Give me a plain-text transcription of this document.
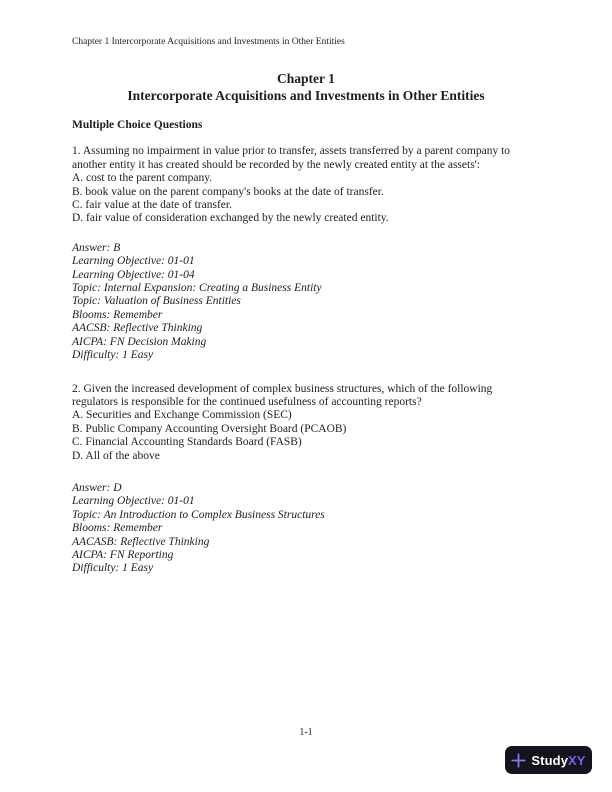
Chapter 1 Intercorporate Acquisitions and Investments in Other Entities
Chapter 1
Intercorporate Acquisitions and Investments in Other Entities
Multiple Choice Questions

1. Assuming no impairment in value prior to transfer, assets transferred by a parent company to

another entity it has created should be recorded by the newly created entity at the assets':

A. cost to the parent company.

B. book value on the parent company's books at the date of transfer.

C. fair value at the date of transfer.

D. fair value of consideration exchanged by the newly created entity.

Answer: B

Learning Objective: 01-01

Learning Objective: 01-04

Topic: Internal Expansion: Creating a Business Entity

Topic: Valuation of Business Entities

Blooms: Remember

AACSB: Reflective Thinking

AICPA: FN Decision Making

Difficulty: 1 Easy

2. Given the increased development of complex business structures, which of the following

regulators is responsible for the continued usefulness of accounting reports?

A. Securities and Exchange Commission (SEC)

B. Public Company Accounting Oversight Board (PCAOB)

C. Financial Accounting Standards Board (FASB)

D. All of the above

Answer: D

Learning Objective: 01-01

Topic: An Introduction to Complex Business Structures

Blooms: Remember

AACASB: Reflective Thinking

AICPA: FN Reporting

Difficulty: 1 Easy

1-1
StudyXY
